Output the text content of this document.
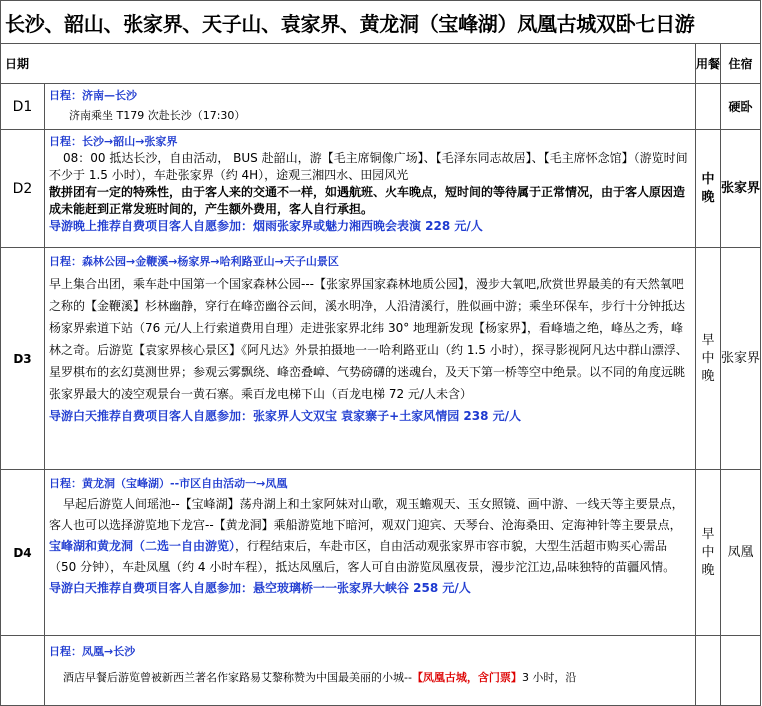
长沙、韶山、张家界、天子山、袁家界、黄龙洞（宝峰湖）凤凰古城双卧七日游			
日期		用餐	住宿
D1	日程：济南—长沙

济南乘坐 T179 次赴长沙（17:30）		硬卧
D2	日程：长沙→韶山→张家界

08：00 抵达长沙，自由活动， BUS 赴韶山，游【毛主席铜像广场】、【毛泽东同志故居】、【毛主席怀念馆】（游览时间不少于 1.5 小时），车赴张家界（约 4H），途观三湘四水、田园风光

散拼团有一定的特殊性，由于客人来的交通不一样，如遇航班、火车晚点，短时间的等待属于正常情况，由于客人原因造成未能赶到正常发班时间的，产生额外费用，客人自行承担。

导游晚上推荐自费项目客人自愿参加：烟雨张家界或魅力湘西晚会表演 228 元/人	中晚	张家界
D3	日程：森林公园→金鞭溪→杨家界→哈利路亚山→天子山景区

早上集合出团，乘车赴中国第一个国家森林公园---【张家界国家森林地质公园】，漫步大氧吧,欣赏世界最美的有天然氧吧之称的【金鞭溪】杉林幽静，穿行在峰峦幽谷云间，溪水明净，人沿清溪行，胜似画中游；乘坐环保车，步行十分钟抵达杨家界索道下站（76 元/人上行索道费用自理）走进张家界北纬 30° 地理新发现【杨家界】，看峰墙之绝，峰丛之秀，峰林之奇。后游览【袁家界核心景区】《阿凡达》外景拍摄地一一哈利路亚山（约 1.5 小时），探寻影视阿凡达中群山漂浮、星罗棋布的玄幻莫测世界；参观云雾飘绕、峰峦叠嶂、气势磅礴的迷魂台，及天下第一桥等空中绝景。以不同的角度远眺张家界最大的凌空观景台一黄石寨。乘百龙电梯下山（百龙电梯 72 元/人未含）

导游白天推荐自费项目客人自愿参加：张家界人文双宝 袁家寨子+土家风情园 238 元/人	早中晚	张家界
D4	日程：黄龙洞（宝峰湖）--市区自由活动一→凤凰

早起后游览人间瑶池--【宝峰湖】荡舟湖上和土家阿妹对山歌，观玉蟾观天、玉女照镜、画中游、一线天等主要景点，客人也可以选择游览地下龙宫--【黄龙洞】乘船游览地下暗河，观双门迎宾、天琴台、沧海桑田、定海神针等主要景点，宝峰湖和黄龙洞（二选一自由游览），行程结束后，车赴市区，自由活动观张家界市容市貌，大型生活超市购买心需品（50 分钟），车赴凤凰（约 4 小时车程），抵达凤凰后，客人可自由游览凤凰夜景，漫步沱江边,品味独特的苗疆风情。

导游白天推荐自费项目客人自愿参加：悬空玻璃桥一一张家界大峡谷 258 元/人	早中晚	凤凰

	日程：凤凰→长沙

酒店早餐后游览曾被新西兰著名作家路易艾黎称赞为中国最美丽的小城--【凤凰古城，含门票】3 小时，沿		
